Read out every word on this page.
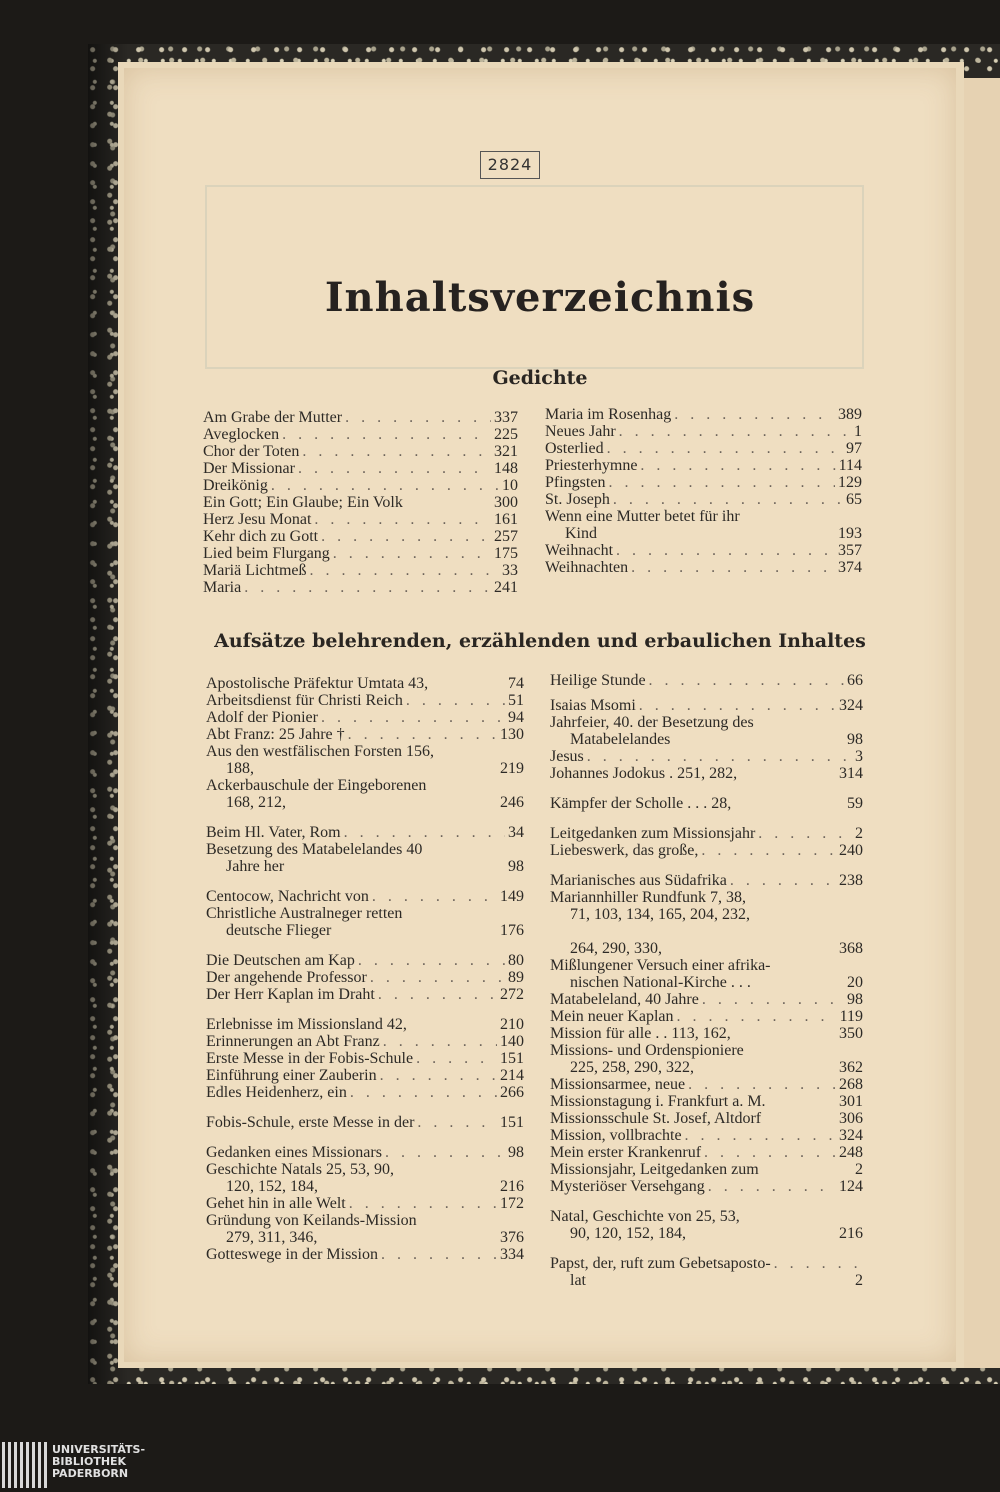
2824
Inhaltsverzeichnis
Gedichte
Am Grabe der Mutter . . .	337
Aveglocken . . .	225
Chor der Toten . . .	321
Der Missionar . . .	148
Dreikönig . . .	10
Ein Gott; Ein Glaube; Ein Volk	300
Herz Jesu Monat . . .	161
Kehr dich zu Gott . . .	257
Lied beim Flurgang . . .	175
Mariä Lichtmeß . . .	33
Maria . . .	241
Maria im Rosenhag . . .	389
Neues Jahr . . .	1
Osterlied . . .	97
Priesterhymne . . .	114
Pfingsten . . .	129
St. Joseph . . .	65
Wenn eine Mutter betet für ihr
Kind	193
Weihnacht . . .	357
Weihnachten . . .	374
Aufsätze belehrenden, erzählenden und erbaulichen Inhaltes
Apostolische Präfektur Umtata 43,	74
Arbeitsdienst für Christi Reich . . .	51
Adolf der Pionier . . .	94
Abt Franz: 25 Jahre † . . .	130
Aus den westfälischen Forsten 156,
188,	219
Ackerbauschule der Eingeborenen
168, 212,	246
Beim Hl. Vater, Rom . . .	34
Besetzung des Matabelelandes 40
Jahre her	98
Centocow, Nachricht von . . .	149
Christliche Australneger retten
deutsche Flieger	176
Die Deutschen am Kap . . .	80
Der angehende Professor . . .	89
Der Herr Kaplan im Draht . . .	272
Erlebnisse im Missionsland 42,	210
Erinnerungen an Abt Franz . . .	140
Erste Messe in der Fobis-Schule . . .	151
Einführung einer Zauberin . . .	214
Edles Heidenherz, ein . . .	266
Fobis-Schule, erste Messe in der . . .	151
Gedanken eines Missionars . . .	98
Geschichte Natals 25, 53, 90,
120, 152, 184,	216
Gehet hin in alle Welt . . .	172
Gründung von Keilands-Mission
279, 311, 346,	376
Gotteswege in der Mission . . .	334
Heilige Stunde . . .	66
Isaias Msomi . . .	324
Jahrfeier, 40. der Besetzung des
Matabelelandes	98
Jesus . . .	3
Johannes Jodokus . 251, 282,	314
Kämpfer der Scholle . . . 28,	59
Leitgedanken zum Missionsjahr . . .	2
Liebeswerk, das große, . . .	240
Marianisches aus Südafrika . . .	238
Mariannhiller Rundfunk 7, 38,
71, 103, 134, 165, 204, 232,
264, 290, 330,	368
Mißlungener Versuch einer afrika-
nischen National-Kirche . . .	20
Matabeleland, 40 Jahre . . .	98
Mein neuer Kaplan . . .	119
Mission für alle . . 113, 162,	350
Missions- und Ordenspioniere
225, 258, 290, 322,	362
Missionsarmee, neue . . .	268
Missionstagung i. Frankfurt a. M.	301
Missionsschule St. Josef, Altdorf	306
Mission, vollbrachte . . .	324
Mein erster Krankenruf . . .	248
Missionsjahr, Leitgedanken zum	2
Mysteriöser Versehgang . . .	124
Natal, Geschichte von 25, 53,
90, 120, 152, 184,	216
Papst, der, ruft zum Gebetsaposto-
. . .
lat	2
UNIVERSITÄTS-
BIBLIOTHEK
PADERBORN
